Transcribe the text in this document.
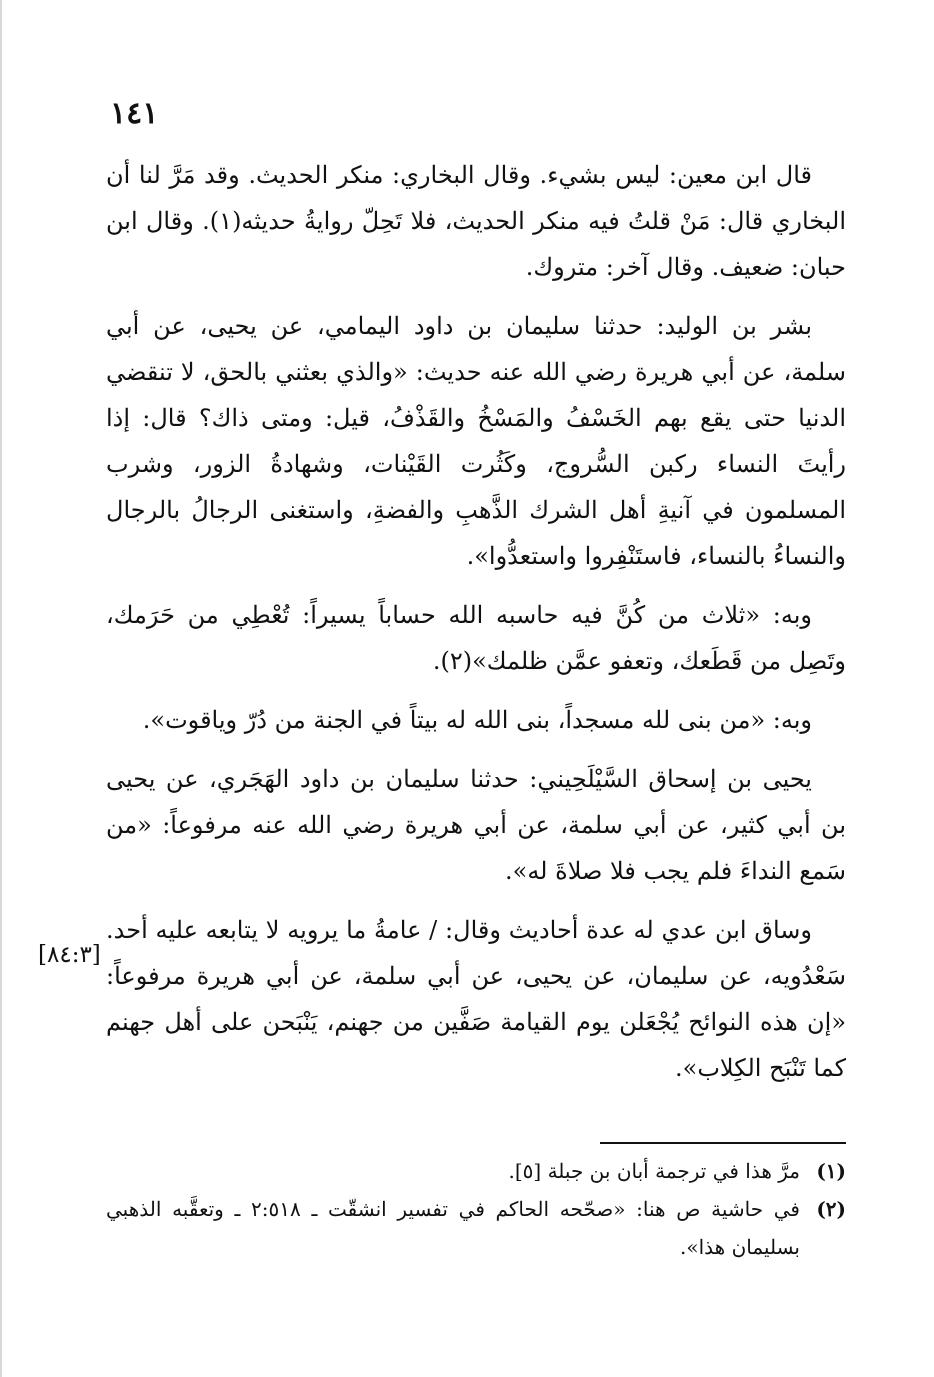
١٤١

قال ابن معين: ليس بشيء. وقال البخاري: منكر الحديث. وقد مَرَّ لنا أن البخاري قال: مَنْ قلتُ فيه منكر الحديث، فلا تَحِلّ روايةُ حديثه(١). وقال ابن حبان: ضعيف. وقال آخر: متروك.

بشر بن الوليد: حدثنا سليمان بن داود اليمامي، عن يحيى، عن أبي سلمة، عن أبي هريرة رضي الله عنه حديث: «والذي بعثني بالحق، لا تنقضي الدنيا حتى يقع بهم الخَسْفُ والمَسْخُ والقَذْفُ، قيل: ومتى ذاك؟ قال: إذا رأيتَ النساء ركبن السُّروج، وكَثُرت القَيْنات، وشهادةُ الزور، وشرب المسلمون في آنيةِ أهل الشرك الذَّهبِ والفضةِ، واستغنى الرجالُ بالرجال والنساءُ بالنساء، فاستَنْفِروا واستعدُّوا».

وبه: «ثلاث من كُنَّ فيه حاسبه الله حساباً يسيراً: تُعْطِي من حَرَمك، وتَصِل من قَطَعك، وتعفو عمَّن ظلمك»(٢).

وبه: «من بنى لله مسجداً، بنى الله له بيتاً في الجنة من دُرّ وياقوت».

يحيى بن إسحاق السَّيْلَحِيني: حدثنا سليمان بن داود الهَجَري، عن يحيى بن أبي كثير، عن أبي سلمة، عن أبي هريرة رضي الله عنه مرفوعاً: «من سَمع النداءَ فلم يجب فلا صلاةَ له».

وساق ابن عدي له عدة أحاديث وقال: / عامةُ ما يرويه لا يتابعه عليه أحد. سَعْدُويه، عن سليمان، عن يحيى، عن أبي سلمة، عن أبي هريرة مرفوعاً: «إن هذه النوائح يُجْعَلن يوم القيامة صَفَّين من جهنم، يَنْبَحن على أهل جهنم كما تَنْبَح الكِلاب».

[٨٤:٣]

(١)
مرَّ هذا في ترجمة أبان بن جبلة [٥].

(٢)
في حاشية ص هنا: «صحّحه الحاكم في تفسير انشقّت ـ ٢:٥١٨ ـ وتعقَّبه الذهبي بسليمان هذا».
